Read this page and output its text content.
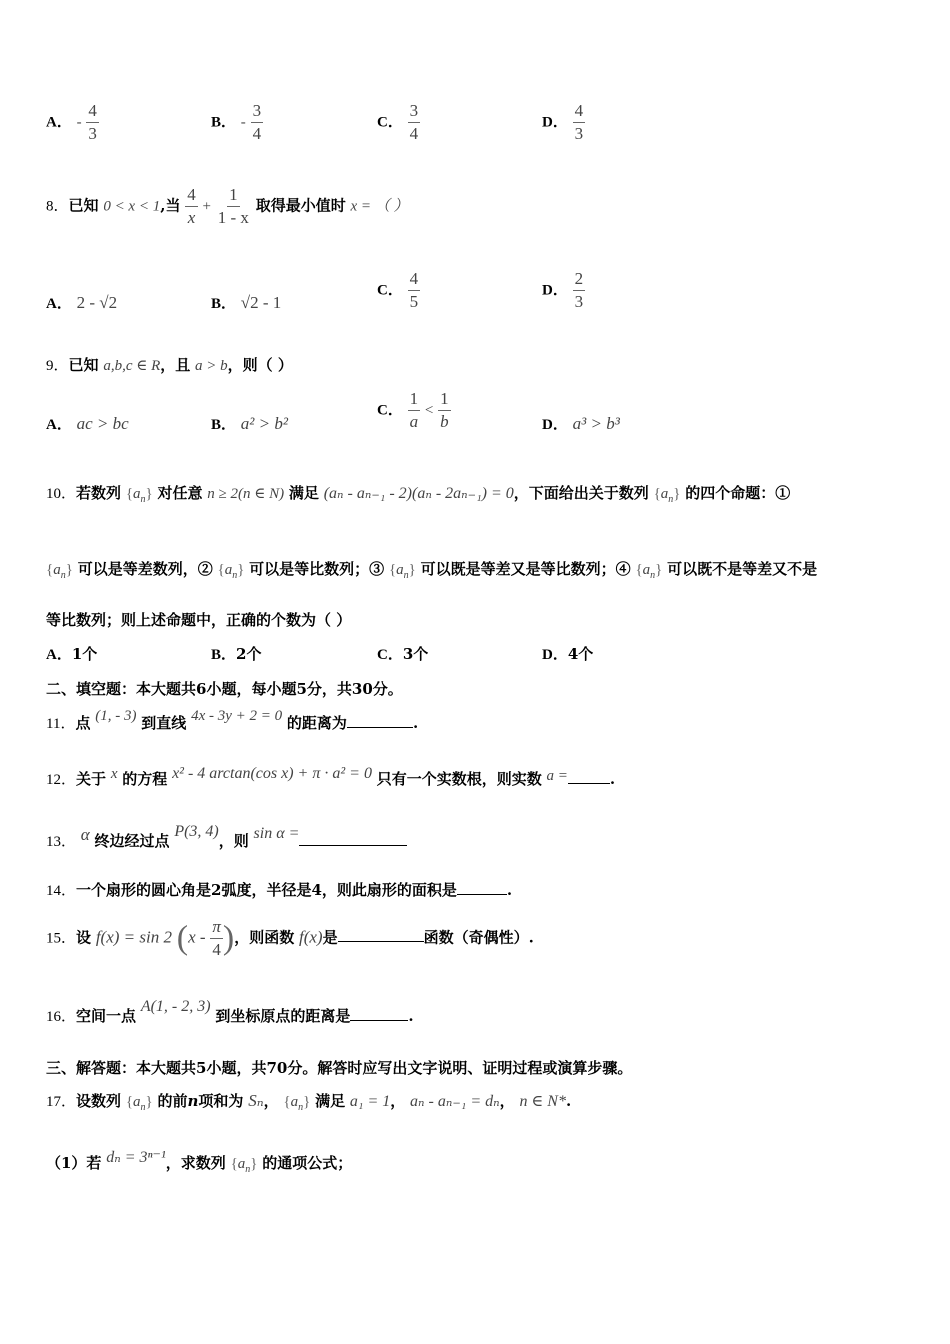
A． - $\frac{4}{3}$	B． - $\frac{3}{4}$	C． $\frac{3}{4}$	D． $\frac{4}{3}$
8．已知 0 < x < 1,当 $\frac{4}{x} + \frac{1}{1 - x}$ 取得最小值时 x = （ ）
A． 2 - √2	B． √2 - 1
C． $\frac{4}{5}$	D． $\frac{2}{3}$
9．已知 a,b,c ∈ R，且 a > b，则（ ）
A． ac > bc	B． a² > b²
C． $\frac{1}{a} < \frac{1}{b}$	D． a³ > b³
10．若数列 $\{a_n\}$ 对任意 n ≥ 2(n ∈ N) 满足 (aₙ - aₙ₋₁ - 2)(aₙ - 2aₙ₋₁) = 0，下面给出关于数列 $\{a_n\}$ 的四个命题：①
$\{a_n\}$ 可以是等差数列，② $\{a_n\}$ 可以是等比数列；③ $\{a_n\}$ 可以既是等差又是等比数列；④ $\{a_n\}$ 可以既不是等差又不是
等比数列；则上述命题中，正确的个数为（ ）
A．1个	B．2个	C．3个	D．4个
二、填空题：本大题共6小题，每小题5分，共30分。
11．点 (1, - 3) 到直线 4x - 3y + 2 = 0 的距离为	.
12．关于 x 的方程 x² - 4 arctan(cos x) + π · a² = 0 只有一个实数根，则实数 a =	.
13． α 终边经过点 P(3, 4)，则 sin α =
14．一个扇形的圆心角是2弧度，半径是4，则此扇形的面积是	.
15．设 f(x) = sin 2 ($x - \frac{\pi}{4}$ )，则函数 f(x)是	函数（奇偶性）.
16．空间一点 A(1, - 2, 3) 到坐标原点的距离是	.
三、解答题：本大题共5小题，共70分。解答时应写出文字说明、证明过程或演算步骤。
17．设数列 $\{a_n\}$ 的前n项和为 Sₙ， $\{a_n\}$ 满足 a₁ = 1， aₙ - aₙ₋₁ = dₙ， n ∈ N*.
（1）若 dₙ = 3ⁿ⁻¹，求数列 $\{a_n\}$ 的通项公式；
